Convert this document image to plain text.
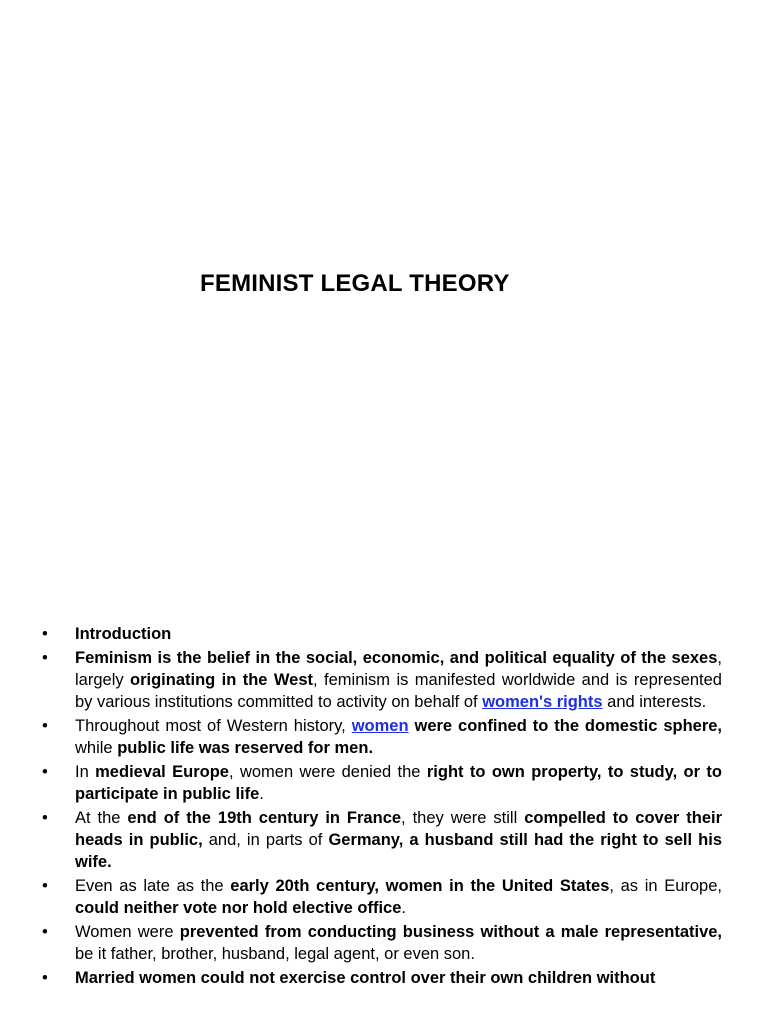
FEMINIST LEGAL THEORY
• Introduction
• Feminism is the belief in the social, economic, and political equality of the sexes, largely originating in the West, feminism is manifested worldwide and is represented by various institutions committed to activity on behalf of women's rights and interests.
• Throughout most of Western history, women were confined to the domestic sphere, while public life was reserved for men.
• In medieval Europe, women were denied the right to own property, to study, or to participate in public life.
• At the end of the 19th century in France, they were still compelled to cover their heads in public, and, in parts of Germany, a husband still had the right to sell his wife.
• Even as late as the early 20th century, women in the United States, as in Europe, could neither vote nor hold elective office.
• Women were prevented from conducting business without a male representative, be it father, brother, husband, legal agent, or even son.
• Married women could not exercise control over their own children without
